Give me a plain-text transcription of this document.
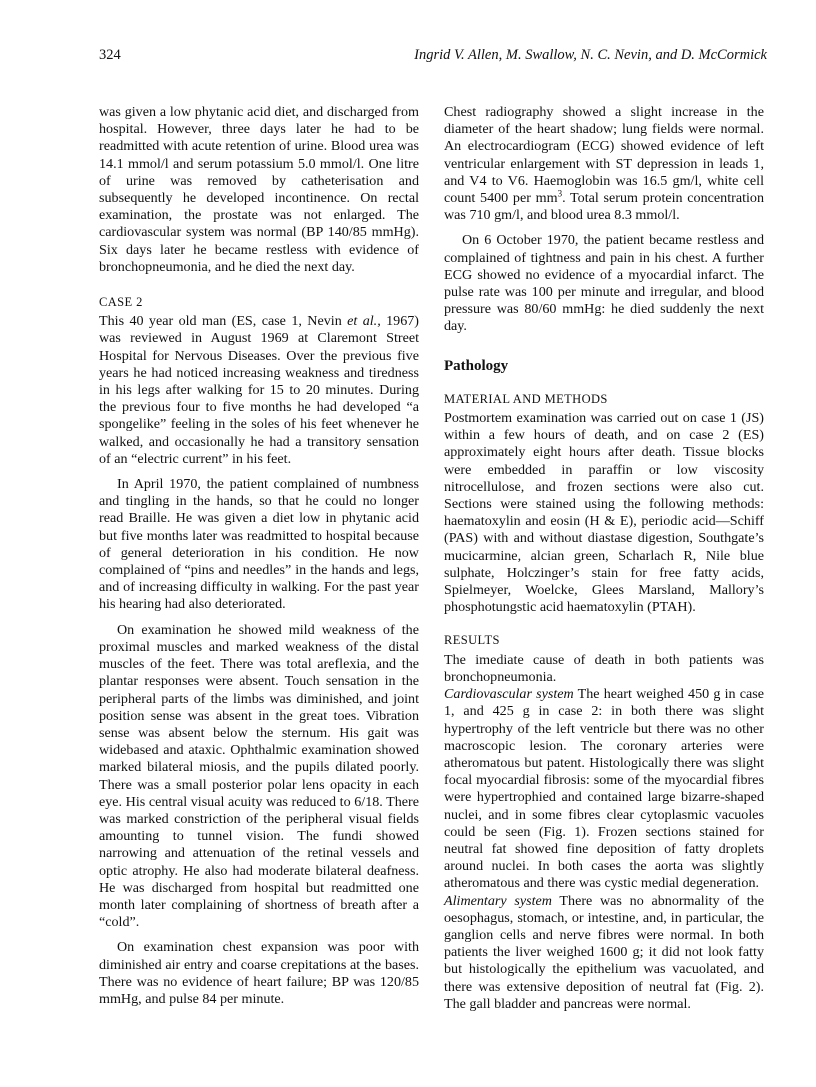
324	Ingrid V. Allen, M. Swallow, N. C. Nevin, and D. McCormick

was given a low phytanic acid diet, and discharged from hospital. However, three days later he had to be readmitted with acute retention of urine. Blood urea was 14.1 mmol/l and serum potassium 5.0 mmol/l. One litre of urine was removed by catheterisation and subsequently he developed incontinence. On rectal examination, the prostate was not enlarged. The cardiovascular system was normal (BP 140/85 mmHg). Six days later he became restless with evidence of bronchopneumonia, and he died the next day.

CASE 2

This 40 year old man (ES, case 1, Nevin et al., 1967) was reviewed in August 1969 at Claremont Street Hospital for Nervous Diseases. Over the previous five years he had noticed increasing weakness and tiredness in his legs after walking for 15 to 20 minutes. During the previous four to five months he had developed “a spongelike” feeling in the soles of his feet whenever he walked, and occasionally he had a transitory sensation of an “electric current” in his feet.

In April 1970, the patient complained of numbness and tingling in the hands, so that he could no longer read Braille. He was given a diet low in phytanic acid but five months later was readmitted to hospital because of general deterioration in his condition. He now complained of “pins and needles” in the hands and legs, and of increasing difficulty in walking. For the past year his hearing had also deteriorated.

On examination he showed mild weakness of the proximal muscles and marked weakness of the distal muscles of the feet. There was total areflexia, and the plantar responses were absent. Touch sensation in the peripheral parts of the limbs was diminished, and joint position sense was absent in the great toes. Vibration sense was absent below the sternum. His gait was widebased and ataxic. Ophthalmic examination showed marked bilateral miosis, and the pupils dilated poorly. There was a small posterior polar lens opacity in each eye. His central visual acuity was reduced to 6/18. There was marked constriction of the peripheral visual fields amounting to tunnel vision. The fundi showed narrowing and attenuation of the retinal vessels and optic atrophy. He also had moderate bilateral deafness. He was discharged from hospital but readmitted one month later complaining of shortness of breath after a “cold”.

On examination chest expansion was poor with diminished air entry and coarse crepitations at the bases. There was no evidence of heart failure; BP was 120/85 mmHg, and pulse 84 per minute.

Chest radiography showed a slight increase in the diameter of the heart shadow; lung fields were normal. An electrocardiogram (ECG) showed evidence of left ventricular enlargement with ST depression in leads 1, and V4 to V6. Haemoglobin was 16.5 gm/l, white cell count 5400 per $mm^3$. Total serum protein concentration was 710 gm/l, and blood urea 8.3 mmol/l.

On 6 October 1970, the patient became restless and complained of tightness and pain in his chest. A further ECG showed no evidence of a myocardial infarct. The pulse rate was 100 per minute and irregular, and blood pressure was 80/60 mmHg: he died suddenly the next day.

Pathology
MATERIAL AND METHODS

Postmortem examination was carried out on case 1 (JS) within a few hours of death, and on case 2 (ES) approximately eight hours after death. Tissue blocks were embedded in paraffin or low viscosity nitrocellulose, and frozen sections were also cut. Sections were stained using the following methods: haematoxylin and eosin (H & E), periodic acid—Schiff (PAS) with and without diastase digestion, Southgate’s mucicarmine, alcian green, Scharlach R, Nile blue sulphate, Holczinger’s stain for free fatty acids, Spielmeyer, Woelcke, Glees Marsland, Mallory’s phosphotungstic acid haematoxylin (PTAH).

RESULTS

The imediate cause of death in both patients was bronchopneumonia.

Cardiovascular system The heart weighed 450 g in case 1, and 425 g in case 2: in both there was slight hypertrophy of the left ventricle but there was no other macroscopic lesion. The coronary arteries were atheromatous but patent. Histologically there was slight focal myocardial fibrosis: some of the myocardial fibres were hypertrophied and contained large bizarre-shaped nuclei, and in some fibres clear cytoplasmic vacuoles could be seen (Fig. 1). Frozen sections stained for neutral fat showed fine deposition of fatty droplets around nuclei. In both cases the aorta was slightly atheromatous and there was cystic medial degeneration.

Alimentary system There was no abnormality of the oesophagus, stomach, or intestine, and, in particular, the ganglion cells and nerve fibres were normal. In both patients the liver weighed 1600 g; it did not look fatty but histologically the epithelium was vacuolated, and there was extensive deposition of neutral fat (Fig. 2). The gall bladder and pancreas were normal.
